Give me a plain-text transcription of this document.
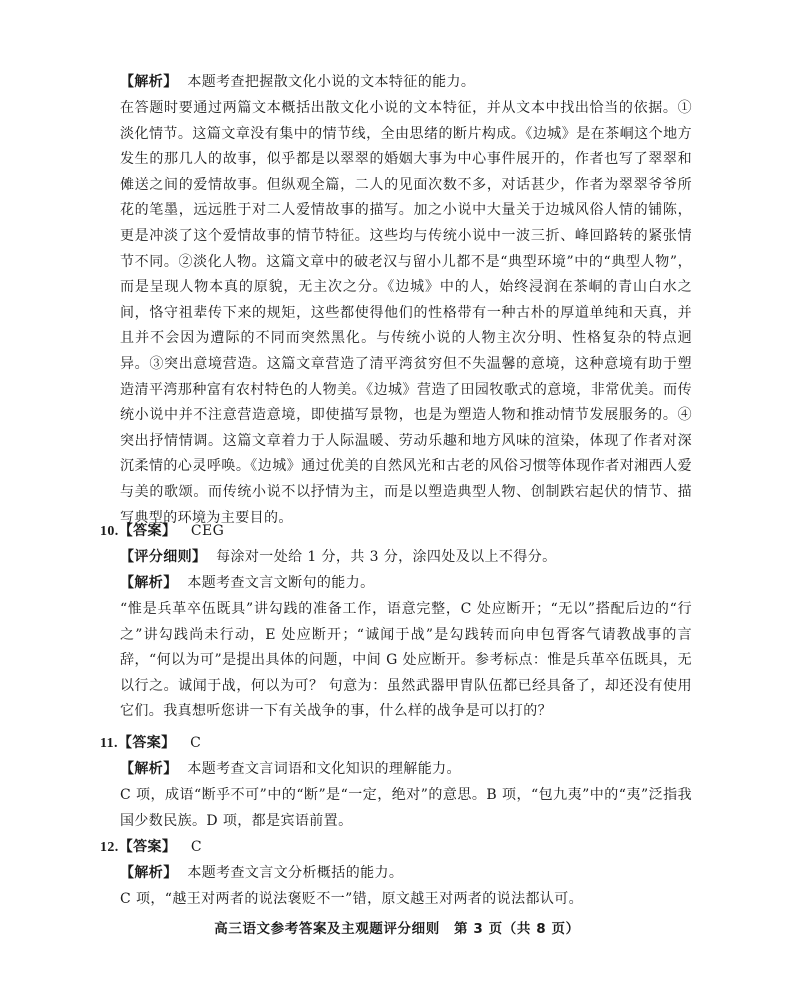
【解析】 本题考查把握散文化小说的文本特征的能力。
在答题时要通过两篇文本概括出散文化小说的文本特征，并从文本中找出恰当的依据。①淡化情节。这篇文章没有集中的情节线，全由思绪的断片构成。《边城》是在茶峒这个地方发生的那几人的故事，似乎都是以翠翠的婚姻大事为中心事件展开的，作者也写了翠翠和傩送之间的爱情故事。但纵观全篇，二人的见面次数不多，对话甚少，作者为翠翠爷爷所花的笔墨，远远胜于对二人爱情故事的描写。加之小说中大量关于边城风俗人情的铺陈，更是冲淡了这个爱情故事的情节特征。这些均与传统小说中一波三折、峰回路转的紧张情节不同。②淡化人物。这篇文章中的破老汉与留小儿都不是“典型环境”中的“典型人物”，而是呈现人物本真的原貌，无主次之分。《边城》中的人，始终浸润在茶峒的青山白水之间，恪守祖辈传下来的规矩，这些都使得他们的性格带有一种古朴的厚道单纯和天真，并且并不会因为遭际的不同而突然黑化。与传统小说的人物主次分明、性格复杂的特点迥异。③突出意境营造。这篇文章营造了清平湾贫穷但不失温馨的意境，这种意境有助于塑造清平湾那种富有农村特色的人物美。《边城》营造了田园牧歌式的意境，非常优美。而传统小说中并不注意营造意境，即使描写景物，也是为塑造人物和推动情节发展服务的。④突出抒情情调。这篇文章着力于人际温暖、劳动乐趣和地方风味的渲染，体现了作者对深沉柔情的心灵呼唤。《边城》通过优美的自然风光和古老的风俗习惯等体现作者对湘西人爱与美的歌颂。而传统小说不以抒情为主，而是以塑造典型人物、创制跌宕起伏的情节、描写典型的环境为主要目的。
10.【答案】 CEG
【评分细则】 每涂对一处给 1 分，共 3 分，涂四处及以上不得分。
【解析】 本题考查文言文断句的能力。
“惟是兵革卒伍既具”讲勾践的准备工作，语意完整，C 处应断开；“无以”搭配后边的“行之”讲勾践尚未行动，E 处应断开；“诚闻于战”是勾践转而向申包胥客气请教战事的言辞，“何以为可”是提出具体的问题，中间 G 处应断开。参考标点：惟是兵革卒伍既具，无以行之。诚闻于战，何以为可？ 句意为：虽然武器甲胄队伍都已经具备了，却还没有使用它们。我真想听您讲一下有关战争的事，什么样的战争是可以打的？
11.【答案】 C
【解析】 本题考查文言词语和文化知识的理解能力。
C 项，成语“断乎不可”中的“断”是“一定，绝对”的意思。B 项，“包九夷”中的“夷”泛指我国少数民族。D 项，都是宾语前置。
12.【答案】 C
【解析】 本题考查文言文分析概括的能力。
C 项，“越王对两者的说法褒贬不一”错，原文越王对两者的说法都认可。
高三语文参考答案及主观题评分细则　第 3 页（共 8 页）
